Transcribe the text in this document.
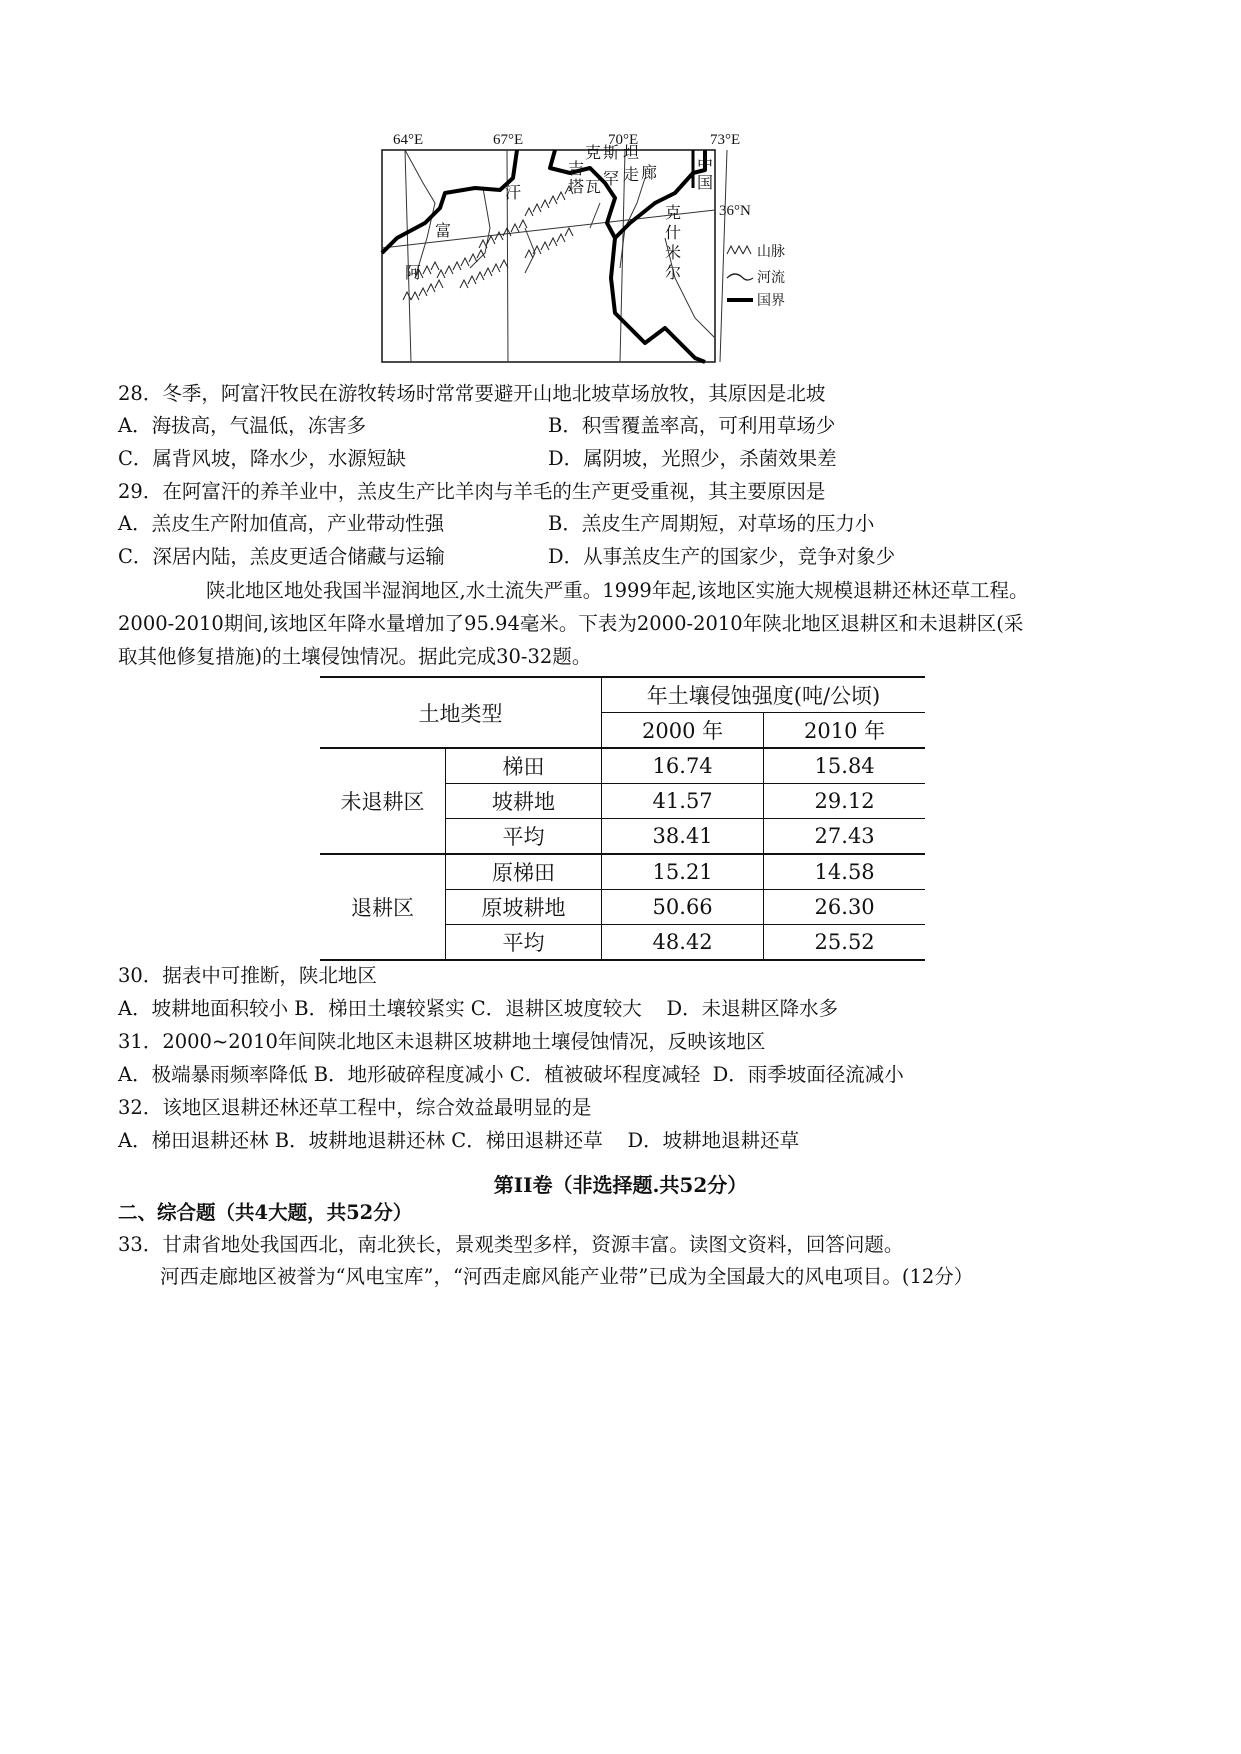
64°E	67°E	70°E	73°E
36°N
阿
富
汗
克 斯 坦
吉
塔 瓦 罕 走 廊
克
什
米
尔
中
国
山脉
河流
国界
28．冬季，阿富汗牧民在游牧转场时常常要避开山地北坡草场放牧，其原因是北坡
A．海拔高，气温低，冻害多	B．积雪覆盖率高，可利用草场少
C．属背风坡，降水少，水源短缺	D．属阴坡，光照少，杀菌效果差
29．在阿富汗的养羊业中，羔皮生产比羊肉与羊毛的生产更受重视，其主要原因是
A．羔皮生产附加值高，产业带动性强	B．羔皮生产周期短，对草场的压力小
C．深居内陆，羔皮更适合储藏与运输	D．从事羔皮生产的国家少，竞争对象少
陕北地区地处我国半湿润地区,水土流失严重。1999年起,该地区实施大规模退耕还林还草工程。
2000-2010期间,该地区年降水量增加了95.94毫米。下表为2000-2010年陕北地区退耕区和未退耕区(采
取其他修复措施)的土壤侵蚀情况。据此完成30-32题。
土地类型		年土壤侵蚀强度(吨/公顷)	
		2000 年	2010 年
未退耕区	梯田	16.74	15.84
	坡耕地	41.57	29.12
	平均	38.41	27.43
退耕区	原梯田	15.21	14.58
	原坡耕地	50.66	26.30
	平均	48.42	25.52
30．据表中可推断，陕北地区
A．坡耕地面积较小 B．梯田土壤较紧实 C．退耕区坡度较大    D．未退耕区降水多
31．2000~2010年间陕北地区未退耕区坡耕地土壤侵蚀情况，反映该地区
A．极端暴雨频率降低 B．地形破碎程度减小 C．植被破坏程度减轻  D．雨季坡面径流减小
32．该地区退耕还林还草工程中，综合效益最明显的是
A．梯田退耕还林 B．坡耕地退耕还林 C．梯田退耕还草    D．坡耕地退耕还草
第II卷（非选择题.共52分）
二、综合题（共4大题，共52分）
33．甘肃省地处我国西北，南北狭长，景观类型多样，资源丰富。读图文资料，回答问题。
河西走廊地区被誉为“风电宝库”，“河西走廊风能产业带”已成为全国最大的风电项目。(12分）
